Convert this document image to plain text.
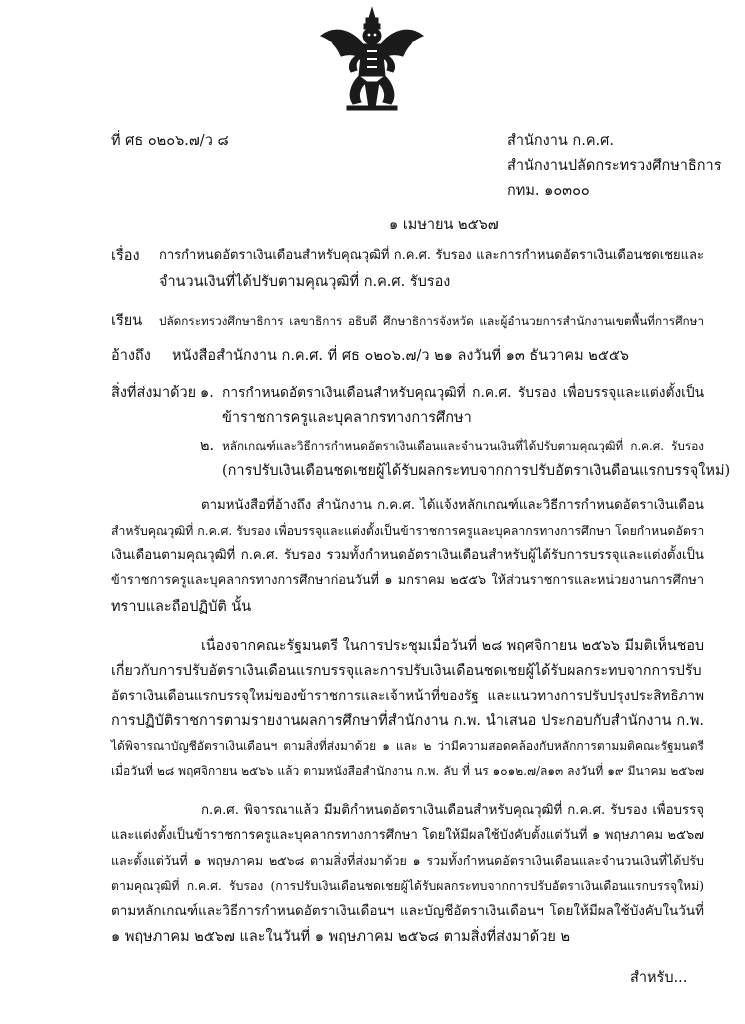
ที่ ศธ ๐๒๐๖.๗/ว ๘	สำนักงาน ก.ค.ศ.
สำนักงานปลัดกระทรวงศึกษาธิการ
กทม. ๑๐๓๐๐
๑ เมษายน ๒๕๖๗
เรื่อง การกำหนดอัตราเงินเดือนสำหรับคุณวุฒิที่ ก.ค.ศ. รับรอง และการกำหนดอัตราเงินเดือนชดเชยและ
จำนวนเงินที่ได้ปรับตามคุณวุฒิที่ ก.ค.ศ. รับรอง
เรียน ปลัดกระทรวงศึกษาธิการ เลขาธิการ อธิบดี ศึกษาธิการจังหวัด และผู้อำนวยการสำนักงานเขตพื้นที่การศึกษา
อ้างถึง หนังสือสำนักงาน ก.ค.ศ. ที่ ศธ ๐๒๐๖.๗/ว ๒๑ ลงวันที่ ๑๓ ธันวาคม ๒๕๕๖
สิ่งที่ส่งมาด้วย ๑. การกำหนดอัตราเงินเดือนสำหรับคุณวุฒิที่ ก.ค.ศ. รับรอง เพื่อบรรจุและแต่งตั้งเป็น
ข้าราชการครูและบุคลากรทางการศึกษา
๒. หลักเกณฑ์และวิธีการกำหนดอัตราเงินเดือนและจำนวนเงินที่ได้ปรับตามคุณวุฒิที่ ก.ค.ศ. รับรอง
(การปรับเงินเดือนชดเชยผู้ได้รับผลกระทบจากการปรับอัตราเงินดือนแรกบรรจุใหม่)
ตามหนังสือที่อ้างถึง สำนักงาน ก.ค.ศ. ได้แจ้งหลักเกณฑ์และวิธีการกำหนดอัตราเงินเดือน
สำหรับคุณวุฒิที่ ก.ค.ศ. รับรอง เพื่อบรรจุและแต่งตั้งเป็นข้าราชการครูและบุคลากรทางการศึกษา โดยกำหนดอัตรา
เงินเดือนตามคุณวุฒิที่ ก.ค.ศ. รับรอง รวมทั้งกำหนดอัตราเงินเดือนสำหรับผู้ได้รับการบรรจุและแต่งตั้งเป็น
ข้าราชการครูและบุคลากรทางการศึกษาก่อนวันที่ ๑ มกราคม ๒๕๕๖ ให้ส่วนราชการและหน่วยงานการศึกษา
ทราบและถือปฏิบัติ นั้น
เนื่องจากคณะรัฐมนตรี ในการประชุมเมื่อวันที่ ๒๘ พฤศจิกายน ๒๕๖๖ มีมติเห็นชอบ
เกี่ยวกับการปรับอัตราเงินเดือนแรกบรรจุและการปรับเงินเดือนชดเชยผู้ได้รับผลกระทบจากการปรับ
อัตราเงินเดือนแรกบรรจุใหม่ของข้าราชการและเจ้าหน้าที่ของรัฐ และแนวทางการปรับปรุงประสิทธิภาพ
การปฏิบัติราชการตามรายงานผลการศึกษาที่สำนักงาน ก.พ. นำเสนอ ประกอบกับสำนักงาน ก.พ.
ได้พิจารณาบัญชีอัตราเงินเดือนฯ ตามสิ่งที่ส่งมาด้วย ๑ และ ๒ ว่ามีความสอดคล้องกับหลักการตามมติคณะรัฐมนตรี
เมื่อวันที่ ๒๘ พฤศจิกายน ๒๕๖๖ แล้ว ตามหนังสือสำนักงาน ก.พ. ลับ ที่ นร ๑๐๑๒.๗/ล๑๓ ลงวันที่ ๑๙ มีนาคม ๒๕๖๗
ก.ค.ศ. พิจารณาแล้ว มีมติกำหนดอัตราเงินเดือนสำหรับคุณวุฒิที่ ก.ค.ศ. รับรอง เพื่อบรรจุ
และแต่งตั้งเป็นข้าราชการครูและบุคลากรทางการศึกษา โดยให้มีผลใช้บังคับตั้งแต่วันที่ ๑ พฤษภาคม ๒๕๖๗
และตั้งแต่วันที่ ๑ พฤษภาคม ๒๕๖๘ ตามสิ่งที่ส่งมาด้วย ๑ รวมทั้งกำหนดอัตราเงินเดือนและจำนวนเงินที่ได้ปรับ
ตามคุณวุฒิที่ ก.ค.ศ. รับรอง (การปรับเงินเดือนชดเชยผู้ได้รับผลกระทบจากการปรับอัตราเงินเดือนแรกบรรจุใหม่)
ตามหลักเกณฑ์และวิธีการกำหนดอัตราเงินเดือนฯ และบัญชีอัตราเงินเดือนฯ โดยให้มีผลใช้บังคับในวันที่
๑ พฤษภาคม ๒๕๖๗ และในวันที่ ๑ พฤษภาคม ๒๕๖๘ ตามสิ่งที่ส่งมาด้วย ๒
สำหรับ...
